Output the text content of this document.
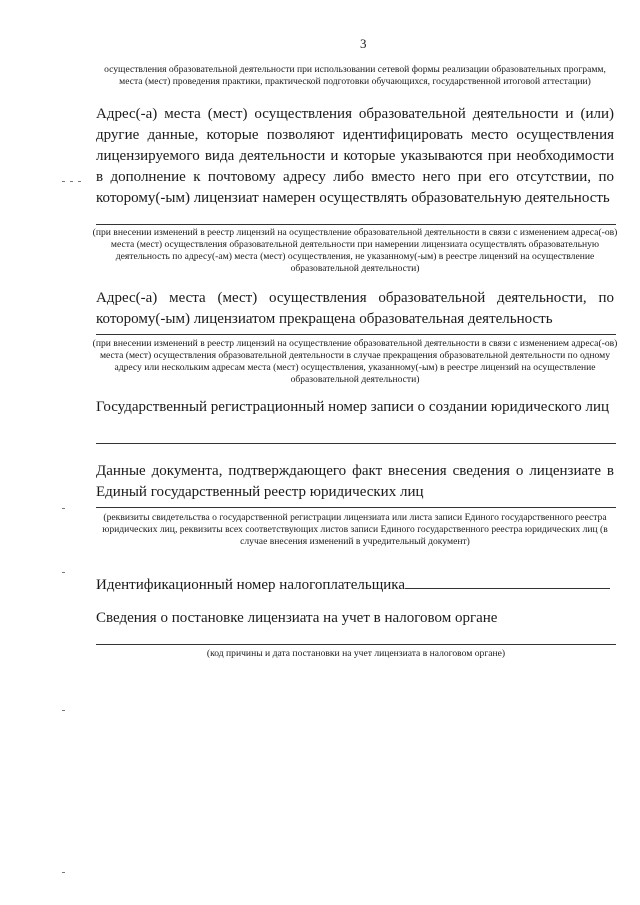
3
осуществления образовательной деятельности при использовании сетевой формы реализации образовательных программ, места (мест) проведения практики, практической подготовки обучающихся, государственной итоговой аттестации)
Адрес(-а) места (мест) осуществления образовательной деятельности и (или) другие данные, которые позволяют идентифицировать место осуществления лицензируемого вида деятельности и которые указываются при необходимости в дополнение к почтовому адресу либо вместо него при его отсутствии, по которому(-ым) лицензиат намерен осуществлять образовательную деятельность
(при внесении изменений в реестр лицензий на осуществление образовательной деятельности в связи с изменением адреса(-ов) места (мест) осуществления образовательной деятельности при намерении лицензиата осуществлять образовательную деятельность по адресу(-ам) места (мест) осуществления, не указанному(-ым) в реестре лицензий на осуществление образовательной деятельности)
Адрес(-а) места (мест) осуществления образовательной деятельности, по которому(-ым) лицензиатом прекращена образовательная деятельность
(при внесении изменений в реестр лицензий на осуществление образовательной деятельности в связи с изменением адреса(-ов) места (мест) осуществления образовательной деятельности в случае прекращения образовательной деятельности по одному адресу или нескольким адресам места (мест) осуществления, указанному(-ым) в реестре лицензий на осуществление образовательной деятельности)
Государственный регистрационный номер записи о создании юридического лиц
Данные документа, подтверждающего факт внесения сведения о лицензиате в Единый государственный реестр юридических лиц
(реквизиты свидетельства о государственной регистрации лицензиата или листа записи Единого государственного реестра юридических лиц, реквизиты всех соответствующих листов записи Единого государственного реестра юридических лиц (в случае внесения изменений в учредительный документ)
Идентификационный номер налогоплательщика
Сведения о постановке лицензиата на учет в налоговом органе
(код причины и дата постановки на учет лицензиата в налоговом органе)
